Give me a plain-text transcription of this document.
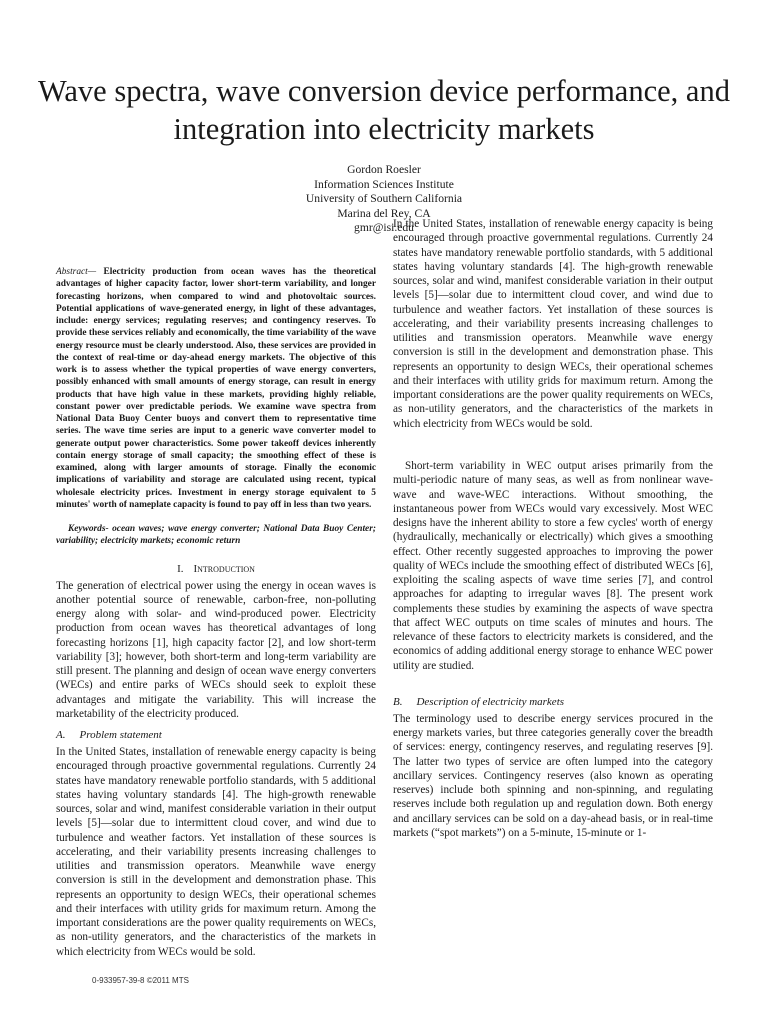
Wave spectra, wave conversion device performance, and integration into electricity markets
Gordon Roesler
Information Sciences Institute
University of Southern California
Marina del Rey, CA
gmr@isi.edu

Abstract— Electricity production from ocean waves has the theoretical advantages of higher capacity factor, lower short-term variability, and longer forecasting horizons, when compared to wind and photovoltaic sources. Potential applications of wave-generated energy, in light of these advantages, include: energy services; regulating reserves; and contingency reserves. To provide these services reliably and economically, the time variability of the wave energy resource must be clearly understood. Also, these services are provided in the context of real-time or day-ahead energy markets. The objective of this work is to assess whether the typical properties of wave energy converters, possibly enhanced with small amounts of energy storage, can result in energy products that have high value in these markets, providing highly reliable, constant power over predictable periods. We examine wave spectra from National Data Buoy Center buoys and convert them to representative time series. The wave time series are input to a generic wave converter model to generate output power characteristics. Some power takeoff devices inherently contain energy storage of small capacity; the smoothing effect of these is examined, along with larger amounts of storage. Finally the economic implications of variability and storage are calculated using recent, typical wholesale electricity prices. Investment in energy storage equivalent to 5 minutes' worth of nameplate capacity is found to pay off in less than two years.

Keywords- ocean waves; wave energy converter; National Data Buoy Center; variability; electricity markets; economic return

I. Introduction

The generation of electrical power using the energy in ocean waves is another potential source of renewable, carbon-free, non-polluting energy along with solar- and wind-produced power. Electricity production from ocean waves has theoretical advantages of long forecasting horizons [1], high capacity factor [2], and low short-term variability [3]; however, both short-term and long-term variability are still present. The planning and design of ocean wave energy converters (WECs) and entire parks of WECs should seek to exploit these advantages and mitigate the variability. This will increase the marketability of the electricity produced.

A. Problem statement

In the United States, installation of renewable energy capacity is being encouraged through proactive governmental regulations. Currently 24 states have mandatory renewable portfolio standards, with 5 additional states having voluntary standards [4]. The high-growth renewable sources, solar and wind, manifest considerable variation in their output levels [5]—solar due to intermittent cloud cover, and wind due to turbulence and weather factors. Yet installation of these sources is accelerating, and their variability presents increasing challenges to utilities and transmission operators. Meanwhile wave energy conversion is still in the development and demonstration phase. This represents an opportunity to design WECs, their operational schemes and their interfaces with utility grids for maximum return. Among the important considerations are the power quality requirements on WECs, as non-utility generators, and the characteristics of the markets in which electricity from WECs would be sold.

In the United States, installation of renewable energy capacity is being encouraged through proactive governmental regulations. Currently 24 states have mandatory renewable portfolio standards, with 5 additional states having voluntary standards [4]. The high-growth renewable sources, solar and wind, manifest considerable variation in their output levels [5]—solar due to intermittent cloud cover, and wind due to turbulence and weather factors. Yet installation of these sources is accelerating, and their variability presents increasing challenges to utilities and transmission operators. Meanwhile wave energy conversion is still in the development and demonstration phase. This represents an opportunity to design WECs, their operational schemes and their interfaces with utility grids for maximum return. Among the important considerations are the power quality requirements on WECs, as non-utility generators, and the characteristics of the markets in which electricity from WECs would be sold.

Short-term variability in WEC output arises primarily from the multi-periodic nature of many seas, as well as from nonlinear wave-wave and wave-WEC interactions. Without smoothing, the instantaneous power from WECs would vary excessively. Most WEC designs have the inherent ability to store a few cycles' worth of energy (hydraulically, mechanically or electrically) which gives a smoothing effect. Other recently suggested approaches to improving the power quality of WECs include the smoothing effect of distributed WECs [6], exploiting the scaling aspects of wave time series [7], and control approaches for adapting to irregular waves [8]. The present work complements these studies by examining the aspects of wave spectra that affect WEC outputs on time scales of minutes and hours. The relevance of these factors to electricity markets is considered, and the economics of adding additional energy storage to enhance WEC power utility are studied.

B. Description of electricity markets

The terminology used to describe energy services procured in the energy markets varies, but three categories generally cover the breadth of services: energy, contingency reserves, and regulating reserves [9]. The latter two types of service are often lumped into the category ancillary services. Contingency reserves (also known as operating reserves) include both spinning and non-spinning, and regulating reserves include both regulation up and regulation down. Both energy and ancillary services can be sold on a day-ahead basis, or in real-time markets (“spot markets”) on a 5-minute, 15-minute or 1-

0-933957-39-8 ©2011 MTS
